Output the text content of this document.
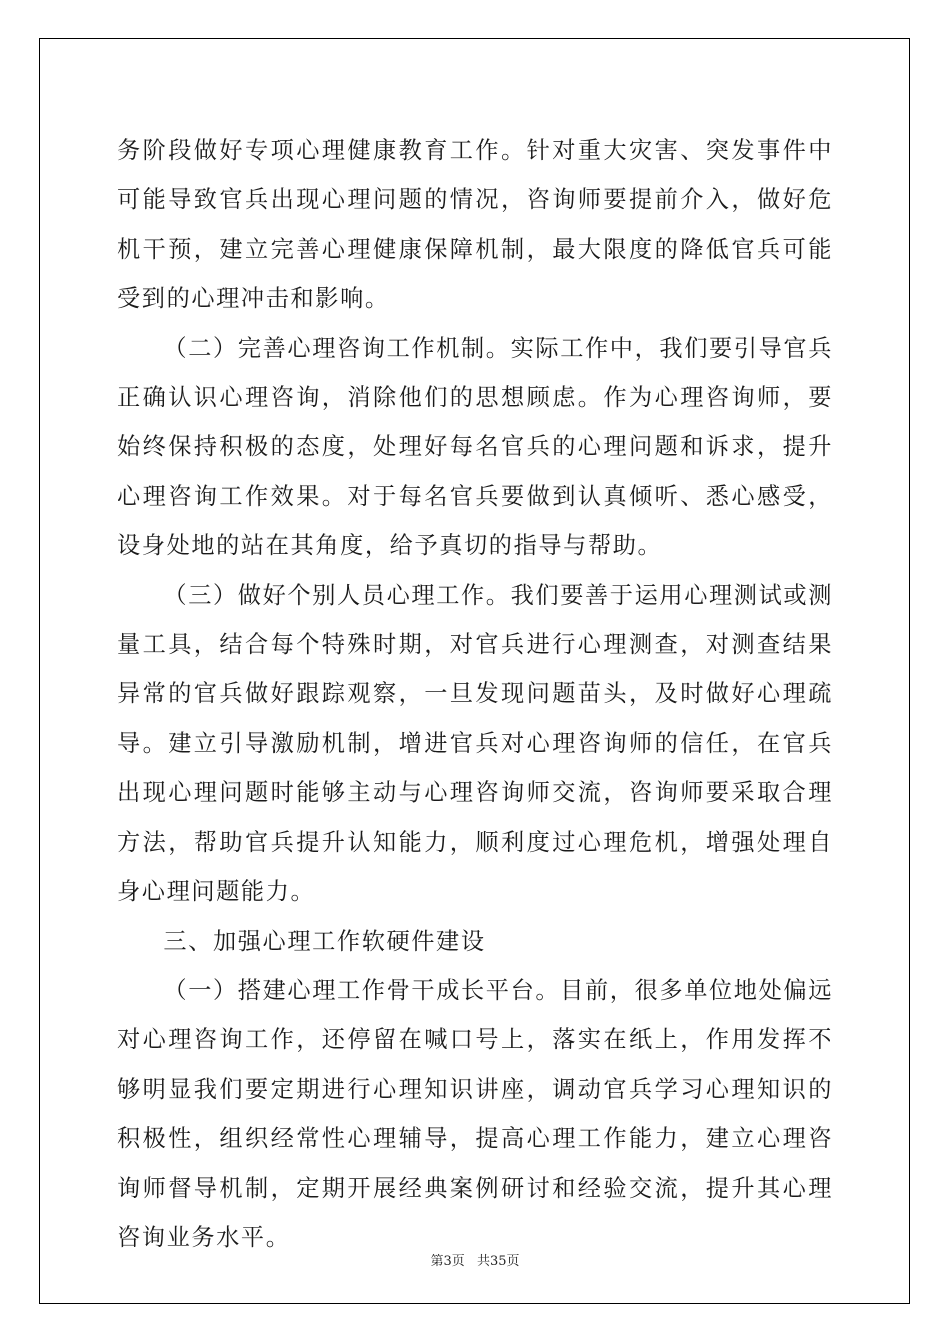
务阶段做好专项心理健康教育工作。针对重大灾害、突发事件中可能导致官兵出现心理问题的情况，咨询师要提前介入，做好危机干预，建立完善心理健康保障机制，最大限度的降低官兵可能受到的心理冲击和影响。

（二）完善心理咨询工作机制。实际工作中，我们要引导官兵正确认识心理咨询，消除他们的思想顾虑。作为心理咨询师，要始终保持积极的态度，处理好每名官兵的心理问题和诉求，提升心理咨询工作效果。对于每名官兵要做到认真倾听、悉心感受，设身处地的站在其角度，给予真切的指导与帮助。

（三）做好个别人员心理工作。我们要善于运用心理测试或测量工具，结合每个特殊时期，对官兵进行心理测查，对测查结果异常的官兵做好跟踪观察，一旦发现问题苗头，及时做好心理疏导。建立引导激励机制，增进官兵对心理咨询师的信任，在官兵出现心理问题时能够主动与心理咨询师交流，咨询师要采取合理方法，帮助官兵提升认知能力，顺利度过心理危机，增强处理自身心理问题能力。

三、加强心理工作软硬件建设

（一）搭建心理工作骨干成长平台。目前，很多单位地处偏远对心理咨询工作，还停留在喊口号上，落实在纸上，作用发挥不够明显我们要定期进行心理知识讲座，调动官兵学习心理知识的积极性，组织经常性心理辅导，提高心理工作能力，建立心理咨询师督导机制，定期开展经典案例研讨和经验交流，提升其心理咨询业务水平。

第3页 共35页
